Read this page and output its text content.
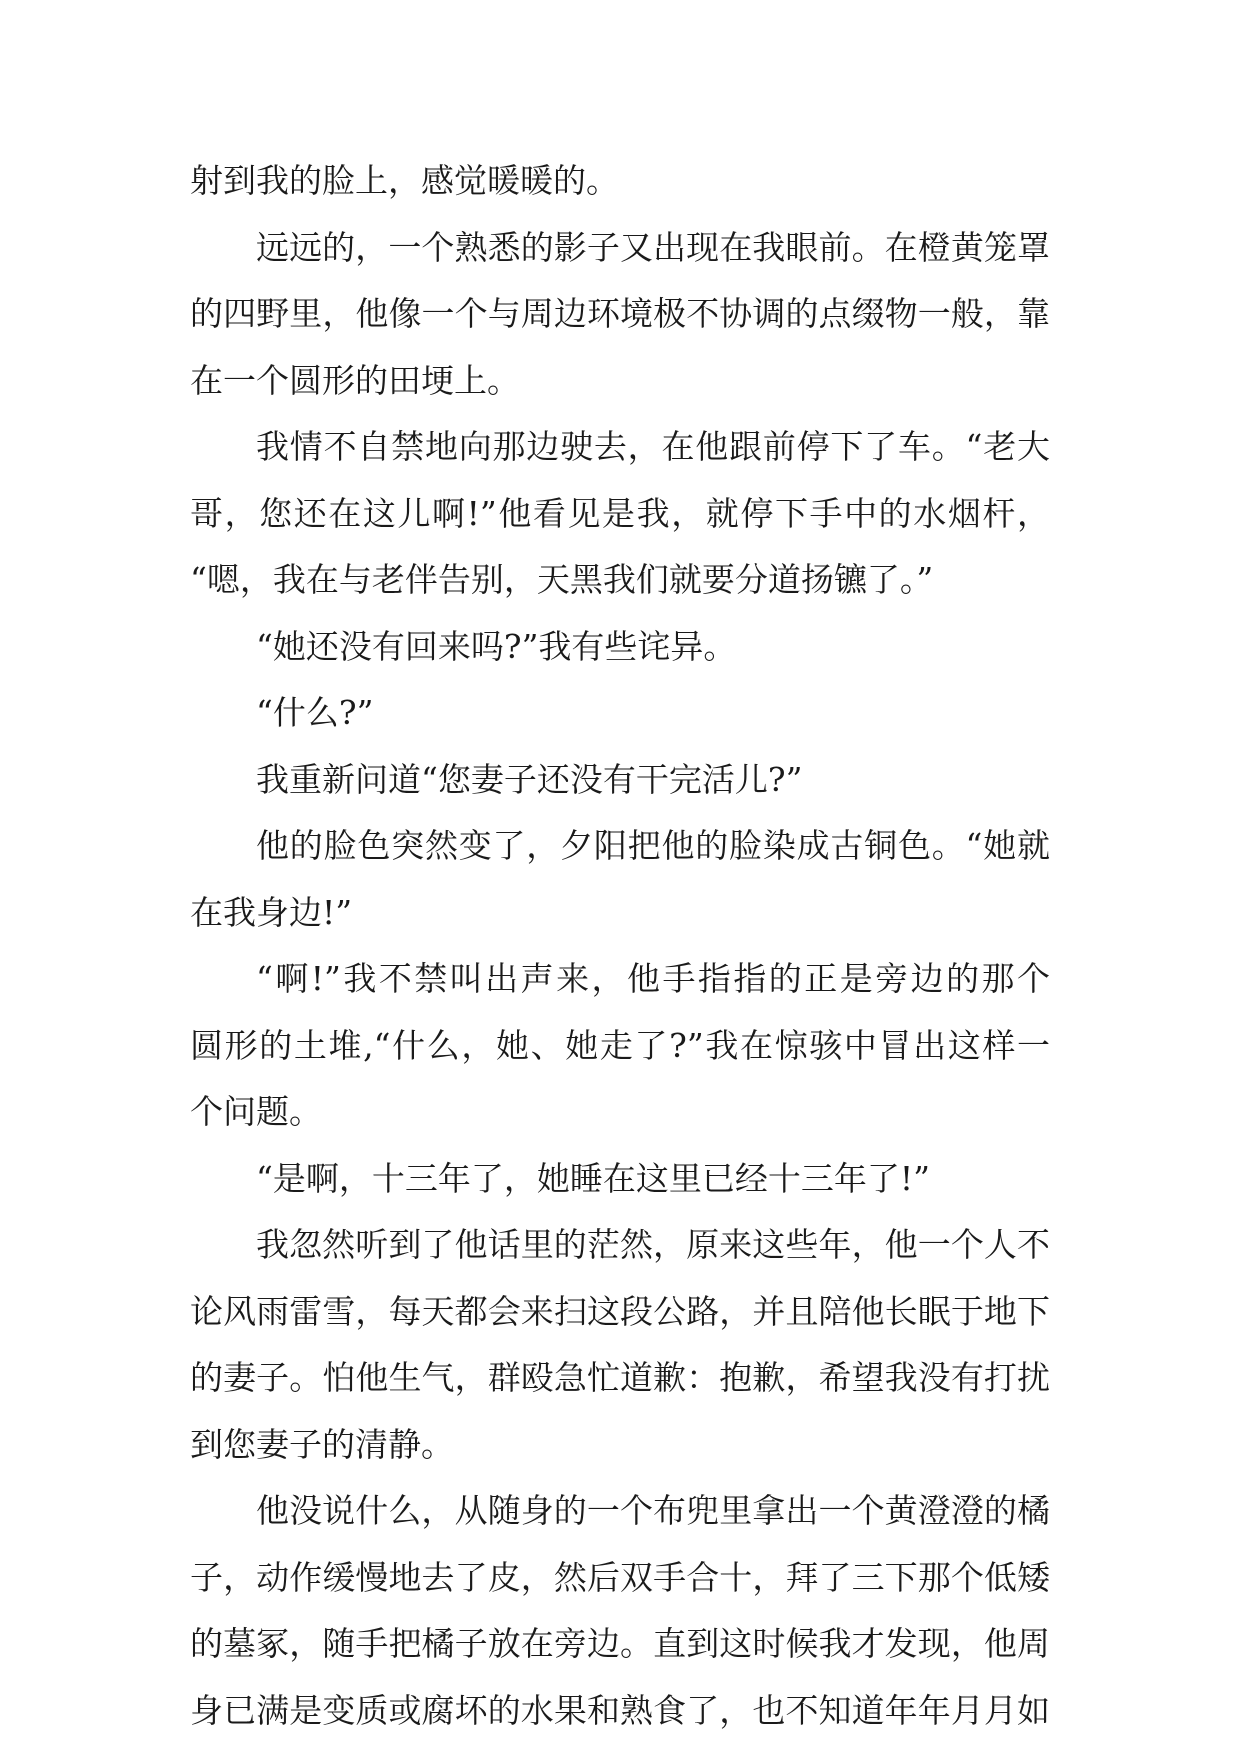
射到我的脸上，感觉暖暖的。
远远的，一个熟悉的影子又出现在我眼前。在橙黄笼罩
的四野里，他像一个与周边环境极不协调的点缀物一般，靠
在一个圆形的田埂上。
我情不自禁地向那边驶去，在他跟前停下了车。“老大
哥，您还在这儿啊!”他看见是我，就停下手中的水烟杆，
“嗯，我在与老伴告别，天黑我们就要分道扬镳了。”
“她还没有回来吗?”我有些诧异。
“什么?”
我重新问道“您妻子还没有干完活儿?”
他的脸色突然变了，夕阳把他的脸染成古铜色。“她就
在我身边!”
“啊!”我不禁叫出声来，他手指指的正是旁边的那个
圆形的土堆,“什么，她、她走了?”我在惊骇中冒出这样一
个问题。
“是啊，十三年了，她睡在这里已经十三年了!”
我忽然听到了他话里的茫然，原来这些年，他一个人不
论风雨雷雪，每天都会来扫这段公路，并且陪他长眠于地下
的妻子。怕他生气，群殴急忙道歉：抱歉，希望我没有打扰
到您妻子的清静。
他没说什么，从随身的一个布兜里拿出一个黄澄澄的橘
子，动作缓慢地去了皮，然后双手合十，拜了三下那个低矮
的墓冢，随手把橘子放在旁边。直到这时候我才发现，他周
身已满是变质或腐坏的水果和熟食了，也不知道年年月月如
